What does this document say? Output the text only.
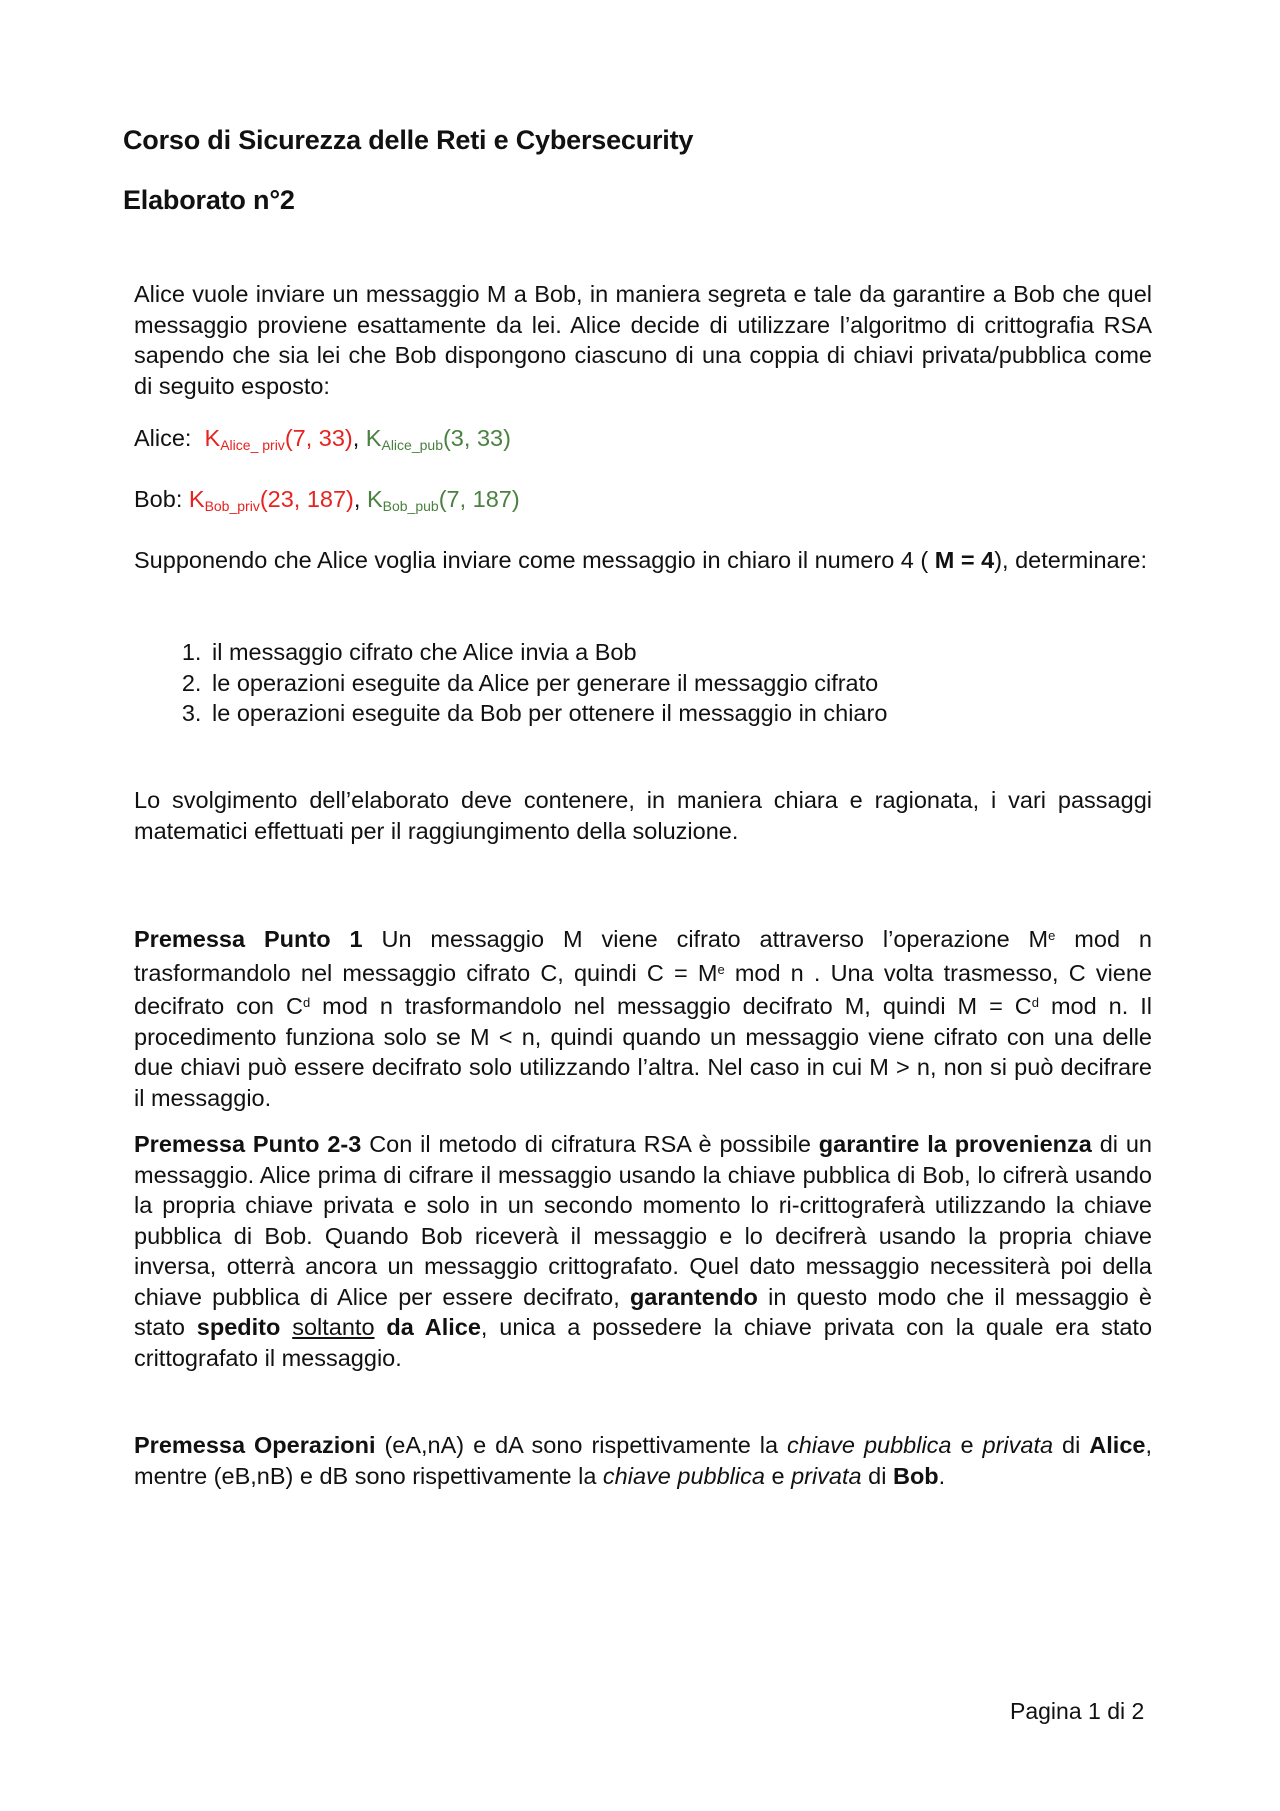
Corso di Sicurezza delle Reti e Cybersecurity
Elaborato n°2
Alice vuole inviare un messaggio M a Bob, in maniera segreta e tale da garantire a Bob che quel messaggio proviene esattamente da lei. Alice decide di utilizzare l’algoritmo di crittografia RSA sapendo che sia lei che Bob dispongono ciascuno di una coppia di chiavi privata/pubblica come di seguito esposto:
Alice: $K_{Alice\_ priv}(7$, 33), $K_{Alice\_pub}(3$, 33)
Bob: $K_{Bob\_priv}(23$, 187), $K_{Bob\_pub}(7$, 187)
Supponendo che Alice voglia inviare come messaggio in chiaro il numero 4 ( M = 4), determinare:
1. il messaggio cifrato che Alice invia a Bob
2. le operazioni eseguite da Alice per generare il messaggio cifrato
3. le operazioni eseguite da Bob per ottenere il messaggio in chiaro
Lo svolgimento dell’elaborato deve contenere, in maniera chiara e ragionata, i vari passaggi matematici effettuati per il raggiungimento della soluzione.
Premessa Punto 1 Un messaggio M viene cifrato attraverso l’operazione Me mod n trasformandolo nel messaggio cifrato C, quindi $C = M^e$ mod n . Una volta trasmesso, C viene decifrato con $C^d$ mod n trasformandolo nel messaggio decifrato M, quindi $M = C^d$ mod n. Il procedimento funziona solo se M < n, quindi quando un messaggio viene cifrato con una delle due chiavi può essere decifrato solo utilizzando l’altra. Nel caso in cui M > n, non si può decifrare il messaggio.
Premessa Punto 2-3 Con il metodo di cifratura RSA è possibile garantire la provenienza di un messaggio. Alice prima di cifrare il messaggio usando la chiave pubblica di Bob, lo cifrerà usando la propria chiave privata e solo in un secondo momento lo ri-crittograferà utilizzando la chiave pubblica di Bob. Quando Bob riceverà il messaggio e lo decifrerà usando la propria chiave inversa, otterrà ancora un messaggio crittografato. Quel dato messaggio necessiterà poi della chiave pubblica di Alice per essere decifrato, garantendo in questo modo che il messaggio è stato spedito soltanto da Alice, unica a possedere la chiave privata con la quale era stato crittografato il messaggio.
Premessa Operazioni (eA,nA) e dA sono rispettivamente la chiave pubblica e privata di Alice, mentre (eB,nB) e dB sono rispettivamente la chiave pubblica e privata di Bob.
Pagina 1 di 2
